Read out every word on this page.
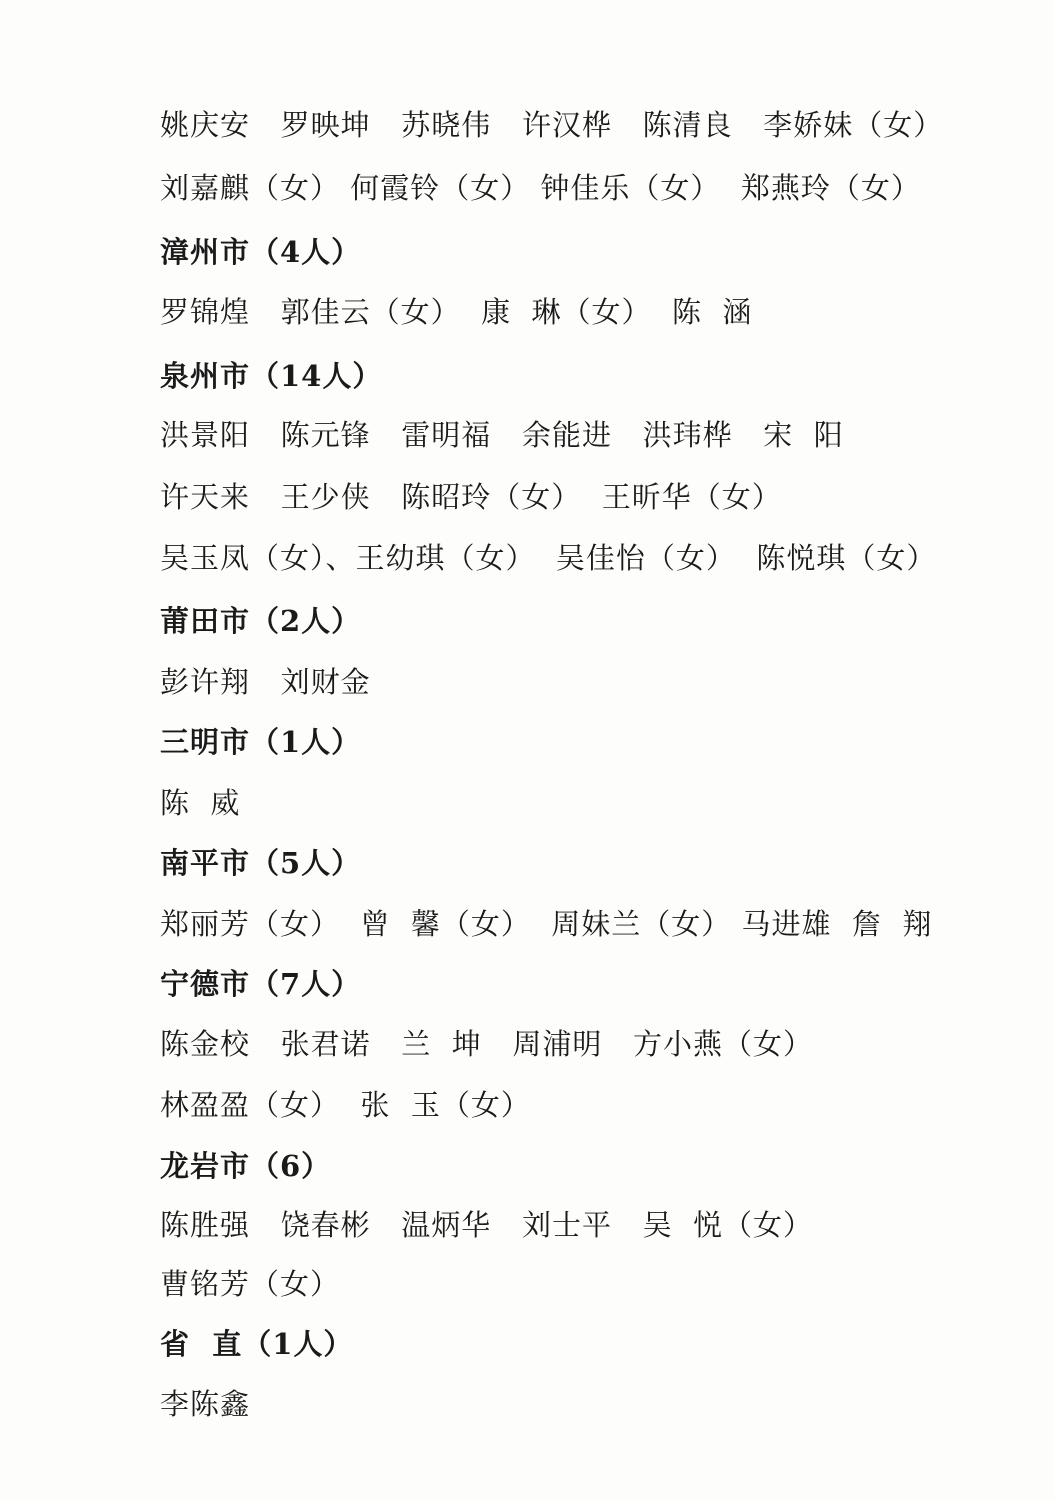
姚庆安   罗映坤   苏晓伟   许汉桦   陈清良   李娇妹（女）
刘嘉麒（女） 何霞铃（女） 钟佳乐（女）  郑燕玲（女）
漳州市（4人）
罗锦煌   郭佳云（女）  康  琳（女）  陈  涵
泉州市（14人）
洪景阳   陈元锋   雷明福   余能进   洪玮桦   宋  阳
许天来   王少侠   陈昭玲（女）  王昕华（女）
吴玉凤（女）、王幼琪（女）  吴佳怡（女）  陈悦琪（女）
莆田市（2人）
彭许翔   刘财金
三明市（1人）
陈  威
南平市（5人）
郑丽芳（女）  曾  馨（女）  周妹兰（女） 马进雄  詹  翔
宁德市（7人）
陈金校   张君诺   兰  坤   周浦明   方小燕（女）
林盈盈（女）  张  玉（女）
龙岩市（6）
陈胜强   饶春彬   温炳华   刘士平   吴  悦（女）
曹铭芳（女）
省  直（1人）
李陈鑫
